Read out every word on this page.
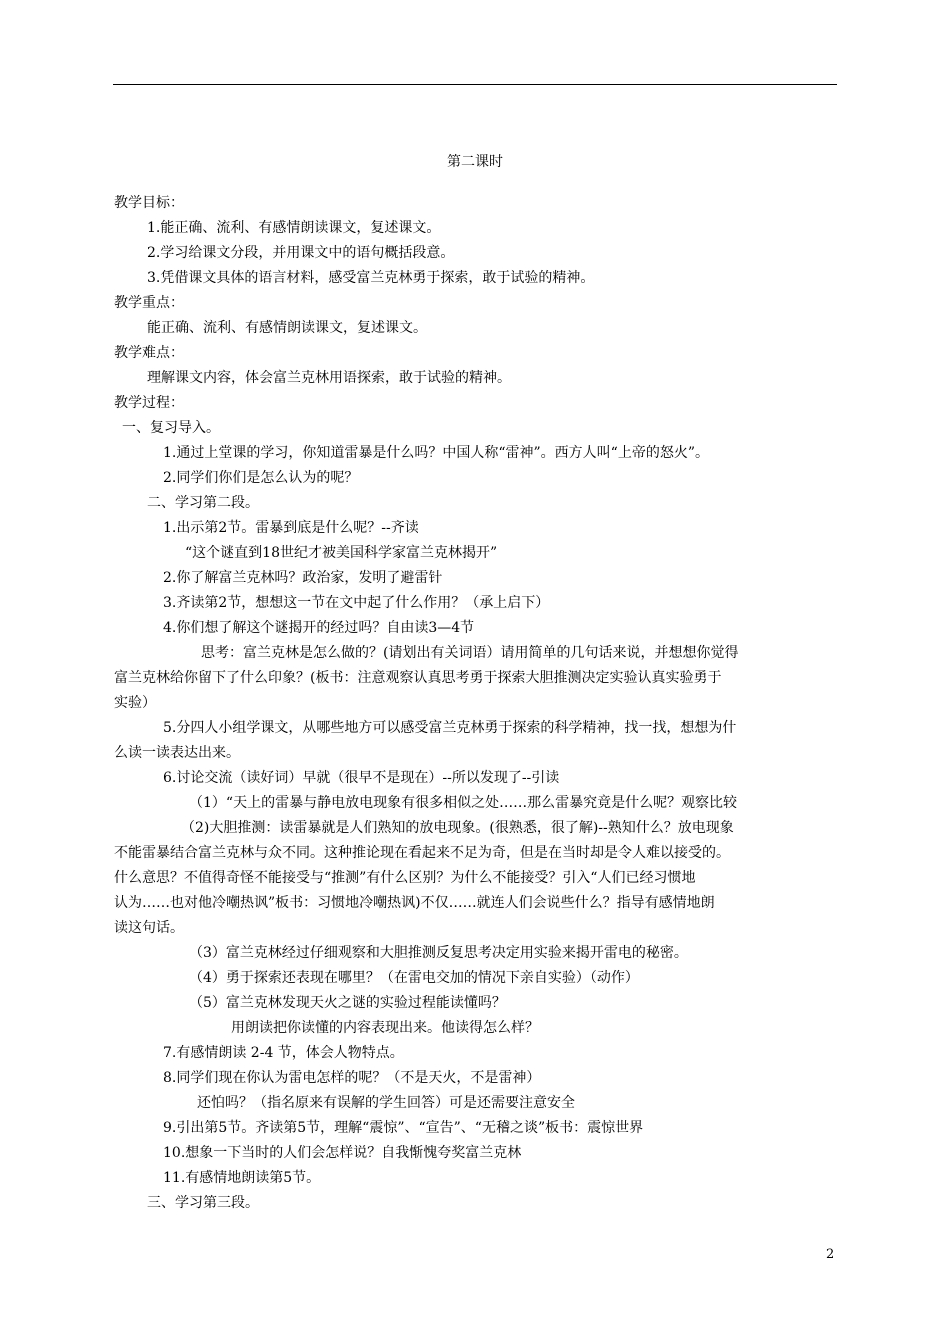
第二课时
教学目标：
1.能正确、流利、有感情朗读课文，复述课文。
2.学习给课文分段，并用课文中的语句概括段意。
3.凭借课文具体的语言材料，感受富兰克林勇于探索，敢于试验的精神。
教学重点：
能正确、流利、有感情朗读课文，复述课文。
教学难点：
理解课文内容，体会富兰克林用语探索，敢于试验的精神。
教学过程：
一、复习导入。
1.通过上堂课的学习，你知道雷暴是什么吗？中国人称“雷神”。西方人叫“上帝的怒火”。
2.同学们你们是怎么认为的呢？
二、学习第二段。
1.出示第2节。雷暴到底是什么呢？--齐读
“这个谜直到18世纪才被美国科学家富兰克林揭开”
2.你了解富兰克林吗？政治家，发明了避雷针
3.齐读第2节，想想这一节在文中起了什么作用？（承上启下）
4.你们想了解这个谜揭开的经过吗？自由读3—4节
思考：富兰克林是怎么做的？(请划出有关词语）请用简单的几句话来说，并想想你觉得
富兰克林给你留下了什么印象？(板书：注意观察认真思考勇于探索大胆推测决定实验认真实验勇于
实验）
5.分四人小组学课文，从哪些地方可以感受富兰克林勇于探索的科学精神，找一找，想想为什
么读一读表达出来。
6.讨论交流（读好词）早就（很早不是现在）--所以发现了--引读
（1）“天上的雷暴与静电放电现象有很多相似之处……那么雷暴究竟是什么呢？观察比较
（2)大胆推测：读雷暴就是人们熟知的放电现象。(很熟悉，很了解)--熟知什么？放电现象
不能雷暴结合富兰克林与众不同。这种推论现在看起来不足为奇，但是在当时却是令人难以接受的。
什么意思？不值得奇怪不能接受与“推测”有什么区别？为什么不能接受？引入“人们已经习惯地
认为……也对他冷嘲热讽”板书：习惯地冷嘲热讽)不仅……就连人们会说些什么？指导有感情地朗
读这句话。
（3）富兰克林经过仔细观察和大胆推测反复思考决定用实验来揭开雷电的秘密。
（4）勇于探索还表现在哪里？（在雷电交加的情况下亲自实验）（动作）
（5）富兰克林发现天火之谜的实验过程能读懂吗？
用朗读把你读懂的内容表现出来。他读得怎么样？
7.有感情朗读 2-4 节，体会人物特点。
8.同学们现在你认为雷电怎样的呢？（不是天火，不是雷神）
还怕吗？（指名原来有误解的学生回答）可是还需要注意安全
9.引出第5节。齐读第5节，理解“震惊”、“宣告”、“无稽之谈”板书：震惊世界
10.想象一下当时的人们会怎样说？自我惭愧夸奖富兰克林
11.有感情地朗读第5节。
三、学习第三段。
2
